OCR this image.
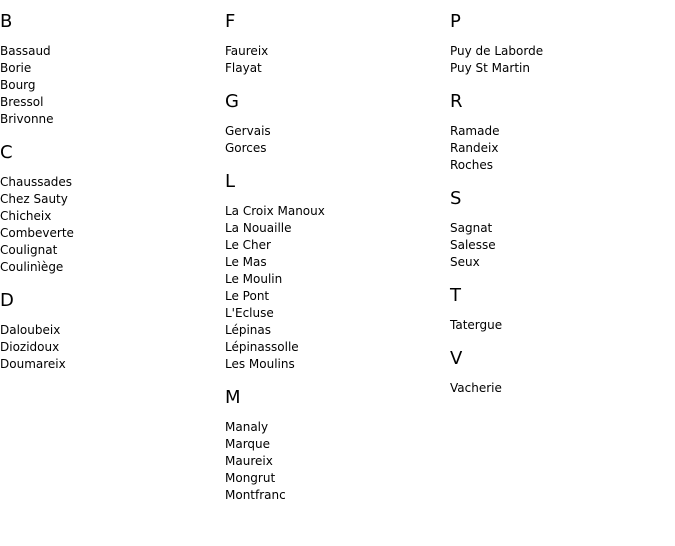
B
Bassaud
Borie
Bourg
Bressol
Brivonne
C
Chaussades
Chez Sauty
Chicheix
Combeverte
Coulignat
Coulinìège
D
Daloubeix
Diozidoux
Doumareix
F
Faureix
Flayat
G
Gervais
Gorces
L
La Croix Manoux
La Nouaille
Le Cher
Le Mas
Le Moulin
Le Pont
L'Ecluse
Lépinas
Lépinassolle
Les Moulins
M
Manaly
Marque
Maureix
Mongrut
Montfranc
P
Puy de Laborde
Puy St Martin
R
Ramade
Randeix
Roches
S
Sagnat
Salesse
Seux
T
Tatergue
V
Vacherie
